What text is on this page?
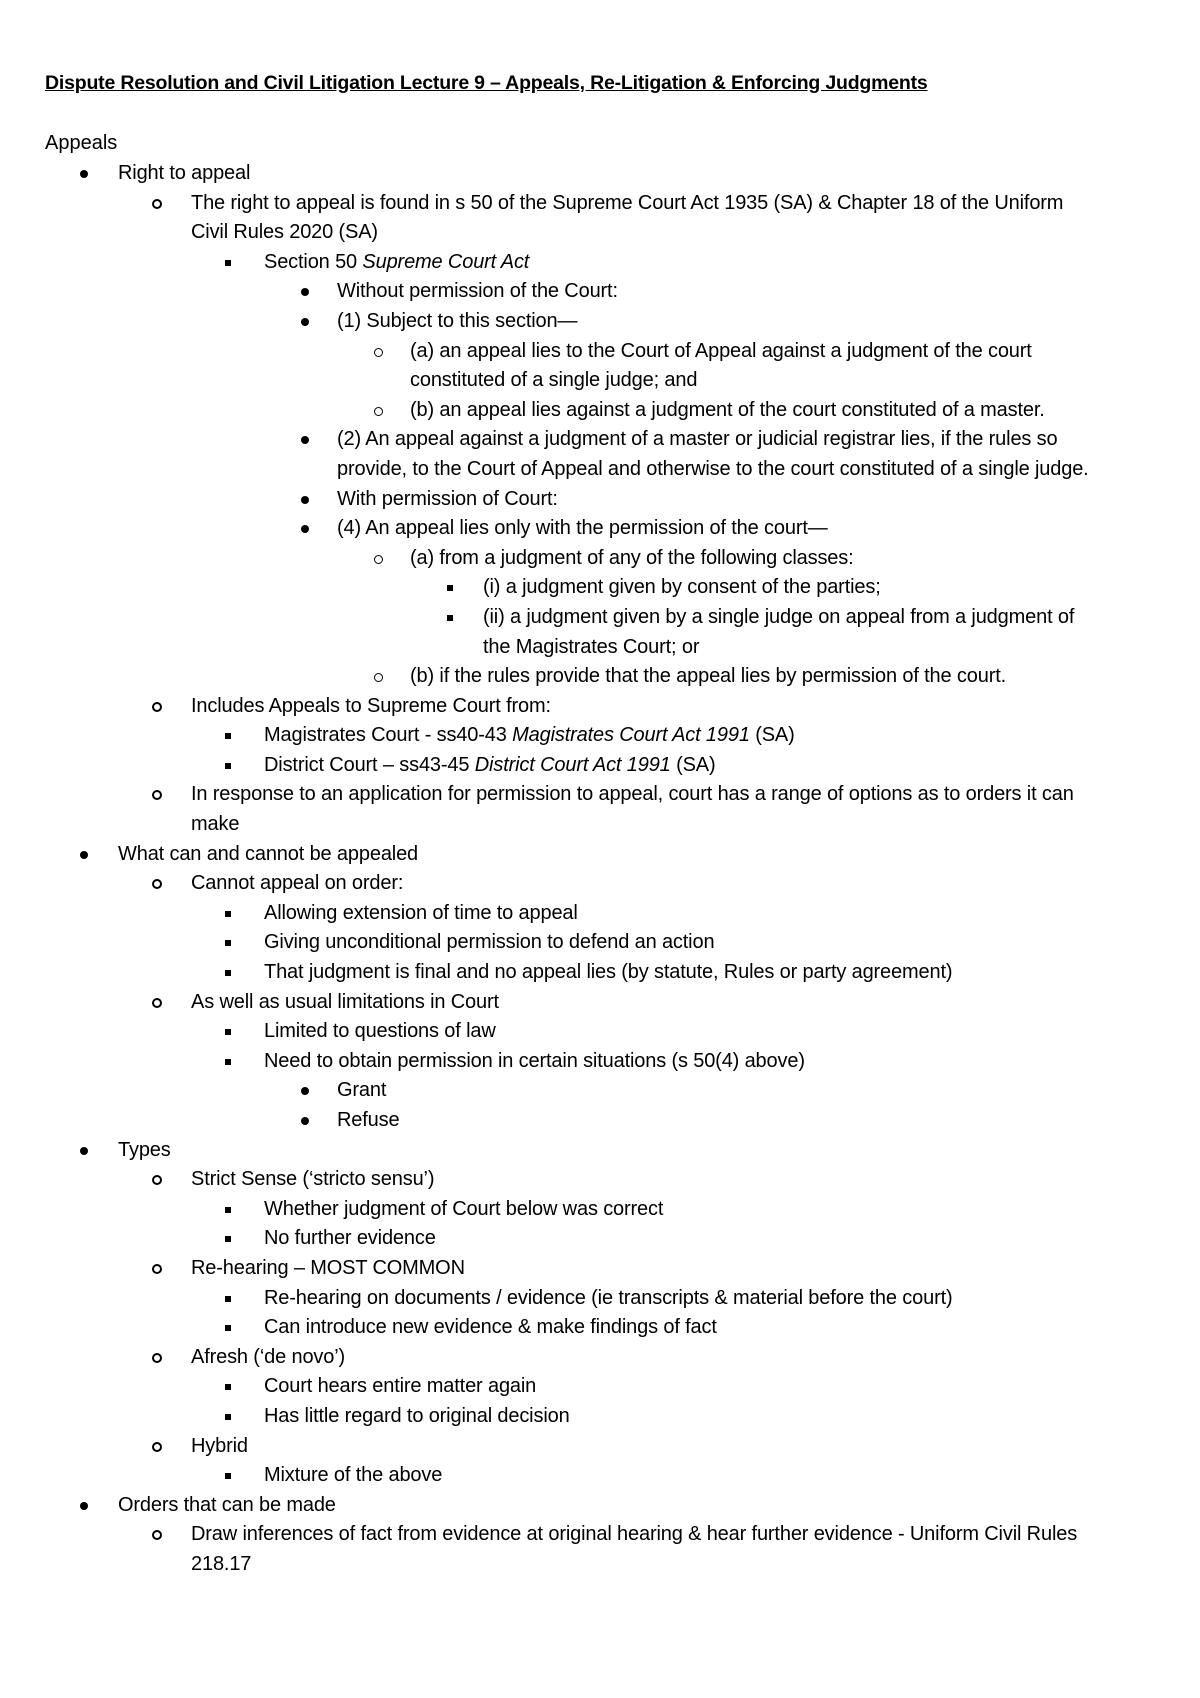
Dispute Resolution and Civil Litigation Lecture 9 – Appeals, Re-Litigation & Enforcing Judgments
Appeals
Right to appeal
The right to appeal is found in s 50 of the Supreme Court Act 1935 (SA) & Chapter 18 of the Uniform Civil Rules 2020 (SA)
Section 50 Supreme Court Act
Without permission of the Court:
(1) Subject to this section—
(a) an appeal lies to the Court of Appeal against a judgment of the court constituted of a single judge; and
(b) an appeal lies against a judgment of the court constituted of a master.
(2) An appeal against a judgment of a master or judicial registrar lies, if the rules so provide, to the Court of Appeal and otherwise to the court constituted of a single judge.
With permission of Court:
(4) An appeal lies only with the permission of the court—
(a) from a judgment of any of the following classes:
(i) a judgment given by consent of the parties;
(ii) a judgment given by a single judge on appeal from a judgment of the Magistrates Court; or
(b) if the rules provide that the appeal lies by permission of the court.
Includes Appeals to Supreme Court from:
Magistrates Court - ss40-43 Magistrates Court Act 1991 (SA)
District Court – ss43-45 District Court Act 1991 (SA)
In response to an application for permission to appeal, court has a range of options as to orders it can make
What can and cannot be appealed
Cannot appeal on order:
Allowing extension of time to appeal
Giving unconditional permission to defend an action
That judgment is final and no appeal lies (by statute, Rules or party agreement)
As well as usual limitations in Court
Limited to questions of law
Need to obtain permission in certain situations (s 50(4) above)
Grant
Refuse
Types
Strict Sense (‘stricto sensu’)
Whether judgment of Court below was correct
No further evidence
Re-hearing – MOST COMMON
Re-hearing on documents / evidence (ie transcripts & material before the court)
Can introduce new evidence & make findings of fact
Afresh (‘de novo’)
Court hears entire matter again
Has little regard to original decision
Hybrid
Mixture of the above
Orders that can be made
Draw inferences of fact from evidence at original hearing & hear further evidence - Uniform Civil Rules 218.17
